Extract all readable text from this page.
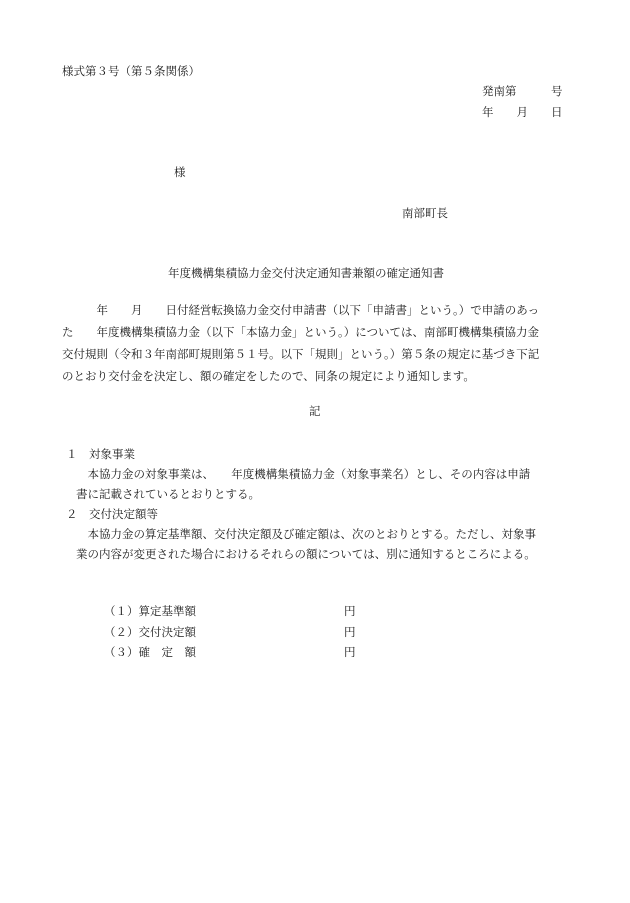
様式第３号（第５条関係）
発南第　　　号
年　　月　　日
様
南部町長
年度機構集積協力金交付決定通知書兼額の確定通知書
　　　年　　月　　日付経営転換協力金交付申請書（以下「申請書」という。）で申請のあっ
た　　年度機構集積協力金（以下「本協力金」という。）については、南部町機構集積協力金
交付規則（令和３年南部町規則第５１号。以下「規則」という。）第５条の規定に基づき下記
のとおり交付金を決定し、額の確定をしたので、同条の規定により通知します。
記
１　対象事業
　本協力金の対象事業は、　　年度機構集積協力金（対象事業名）とし、その内容は申請
書に記載されているとおりとする。
２　交付決定額等
　本協力金の算定基準額、交付決定額及び確定額は、次のとおりとする。ただし、対象事
業の内容が変更された場合におけるそれらの額については、別に通知するところによる。
（１）算定基準額	円
（２）交付決定額	円
（３）確　定　額	円
